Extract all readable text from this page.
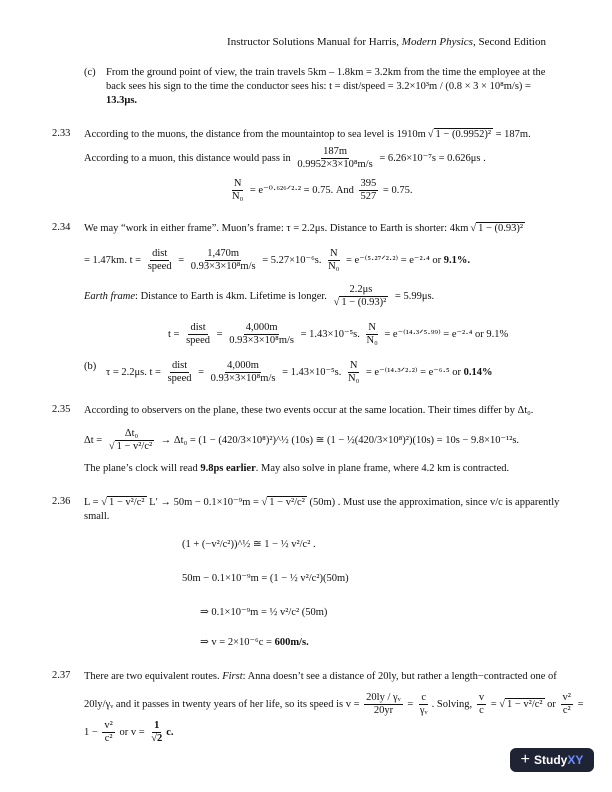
Instructor Solutions Manual for Harris, Modern Physics, Second Edition
(c) From the ground point of view, the train travels 5km – 1.8km = 3.2km from the time the employee at the
back sees his sign to the time the conductor sees his: t = dist/speed = 3.2×10³m / (0.8 × 3 × 10⁸m/s) =
13.3μs.
2.33 According to the muons, the distance from the mountaintop to sea level is 1910m √ 1 − (0.9952)² = 187m.
According to a muon, this distance would pass in $\frac{187m}{\text{0.9952×3×10⁸m/s}} = 6.26\times 10^{-7}s = 0.626\mu s$ .
$\frac{N}{\text{N₀}}$ = e⁻⁰·⁶²⁶ᐟ²·² = 0.75. And $\frac{395}{527} = 0.75$.
2.34 We may “work in either frame”. Muon’s frame: τ = 2.2μs. Distance to Earth is shorter: 4km √ 1 − (0.93)²
= 1.47km. $t = \frac{\text{dist}}{\text{speed}} = \frac{1,470m}{\text{0.93×3×10⁸m/s}} = 5.27\times 10^{-6}s$. $\frac{N}{\text{N₀}}$ = e⁻⁽⁵·²⁷ᐟ²·²⁾ = e⁻²·⁴ or 9.1%.
Earth frame: Distance to Earth is 4km. Lifetime is longer. $\frac{2.2\mu s}{\text{√ 1 − (0.93)²}} = 5.99\mu s$.
$t = \frac{\text{dist}}{\text{speed}} = \frac{4,000m}{\text{0.93×3×10⁸m/s}} = 1.43\times 10^{-5}s$. $\frac{N}{\text{N₀}}$ = e⁻⁽¹⁴·³ᐟ⁵·⁹⁹⁾ = e⁻²·⁴ or 9.1%
(b)
τ = 2.2μs. $t = \frac{\text{dist}}{\text{speed}} = \frac{4,000m}{\text{0.93×3×10⁸m/s}} = 1.43\times 10^{-5}s$. $\frac{N}{\text{N₀}}$ = e⁻⁽¹⁴·³ᐟ²·²⁾ = e⁻⁶·⁵ or 0.14%
2.35 According to observers on the plane, these two events occur at the same location. Their times differ by Δt₀.
$\Delta t = \frac{\text{Δt₀}}{\text{√ 1 − v²/c²}} \to \Delta t_0 = (1$ − (420/3×10⁸)²)^½ (10s) ≅ (1 − ½(420/3×10⁸)²)(10s) = 10s − 9.8×10⁻¹²s.
The plane’s clock will read 9.8ps earlier. May also solve in plane frame, where 4.2 km is contracted.
2.36 L = √ 1 − v²/c² L′ → 50m − 0.1×10⁻⁹m = √ 1 − v²/c² (50m) . Must use the approximation, since v/c is apparently
small.
(1 + (−v²/c²))^½ ≅ 1 − ½ v²/c² .
50m − 0.1×10⁻⁹m = (1 − ½ v²/c²)(50m)
⇒ 0.1×10⁻⁹m = ½ v²/c² (50m)
⇒ v = 2×10⁻⁶c = 600m/s.
2.37 There are two equivalent routes. First: Anna doesn’t see a distance of 20ly, but rather a length−contracted one of
20ly/γᵥ and it passes in twenty years of her life, so its speed is $v = \frac{\text{20ly / γᵥ}}{20yr} = \frac{c}{\text{γᵥ}}$ . Solving, $\frac{v}{c}$ = √ 1 − v²/c² or $\frac{\text{v²}}{\text{c²}}$ =
$1 - \frac{\text{v²}}{\text{c²}}$ or $v = \frac{1}{√2} c$.
+ StudyXY
